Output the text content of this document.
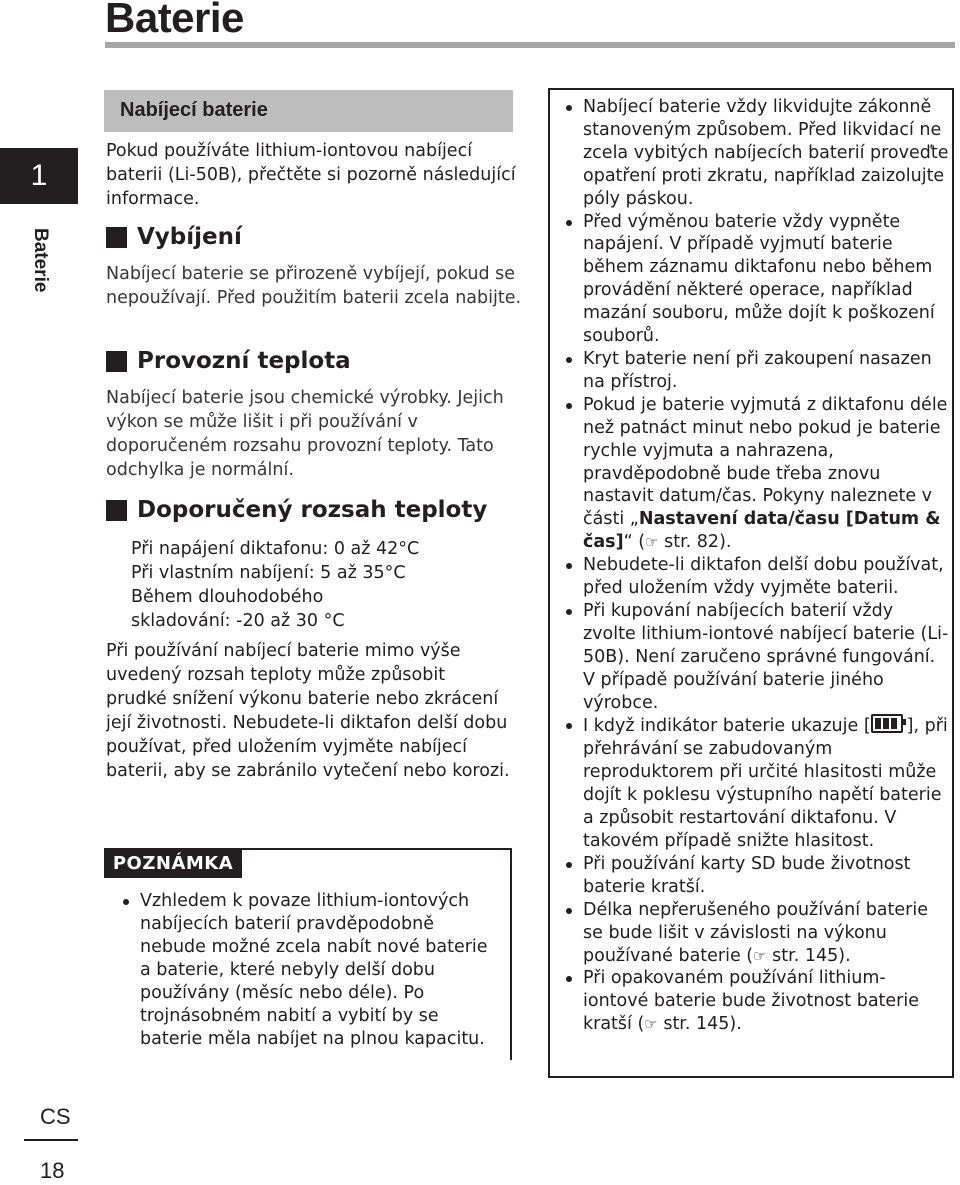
Baterie
1
Baterie
CS
18
Nabíjecí baterie

Pokud používáte lithium-iontovou nabíjecí baterii (Li-50B), přečtěte si pozorně následující informace.

Vybíjení

Nabíjecí baterie se přirozeně vybíjejí, pokud se nepoužívají. Před použitím baterii zcela nabijte.

Provozní teplota

Nabíjecí baterie jsou chemické výrobky. Jejich výkon se může lišit i při používání v doporučeném rozsahu provozní teploty. Tato odchylka je normální.

Doporučený rozsah teploty
Při napájení diktafonu: 0 až 42°C
Při vlastním nabíjení: 5 až 35°C
Během dlouhodobého
skladování: -20 až 30 °C

Při používání nabíjecí baterie mimo výše uvedený rozsah teploty může způsobit prudké snížení výkonu baterie nebo zkrácení její životnosti. Nebudete-li diktafon delší dobu používat, před uložením vyjměte nabíjecí baterii, aby se zabránilo vytečení nebo korozi.

POZNÁMKA
Vzhledem k povaze lithium-iontových nabíjecích baterií pravděpodobně nebude možné zcela nabít nové baterie a baterie, které nebyly delší dobu používány (měsíc nebo déle). Po trojnásobném nabití a vybití by se baterie měla nabíjet na plnou kapacitu.
Nabíjecí baterie vždy likvidujte zákonně stanoveným způsobem. Před likvidací ne zcela vybitých nabíjecích baterií proveďte opatření proti zkratu, například zaizolujte póly páskou.
Před výměnou baterie vždy vypněte napájení. V případě vyjmutí baterie během záznamu diktafonu nebo během provádění některé operace, například mazání souboru, může dojít k poškození souborů.
Kryt baterie není při zakoupení nasazen na přístroj.
Pokud je baterie vyjmutá z diktafonu déle než patnáct minut nebo pokud je baterie rychle vyjmuta a nahrazena, pravděpodobně bude třeba znovu nastavit datum/čas. Pokyny naleznete v části „Nastavení data/času [Datum & čas]“ (☞ str. 82).
Nebudete-li diktafon delší dobu používat, před uložením vždy vyjměte baterii.
Při kupování nabíjecích baterií vždy zvolte lithium-iontové nabíjecí baterie (Li-50B). Není zaručeno správné fungování. V případě používání baterie jiného výrobce.
I když indikátor baterie ukazuje [ ], při přehrávání se zabudovaným reproduktorem při určité hlasitosti může dojít k poklesu výstupního napětí baterie a způsobit restartování diktafonu. V takovém případě snižte hlasitost.
Při používání karty SD bude životnost baterie kratší.
Délka nepřerušeného používání baterie se bude lišit v závislosti na výkonu používané baterie (☞ str. 145).
Při opakovaném používání lithium-iontové baterie bude životnost baterie kratší (☞ str. 145).
